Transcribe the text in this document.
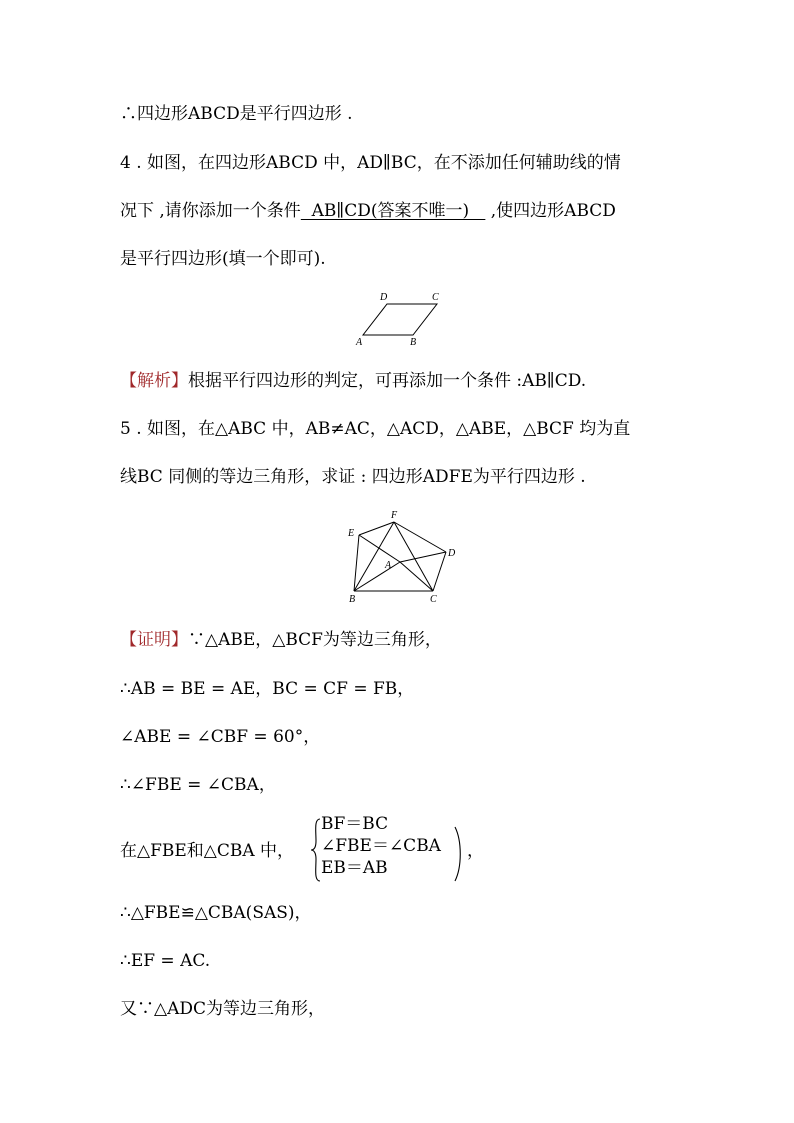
∴四边形ABCD是平行四边形 .
4 . 如图，在四边形ABCD 中，AD∥BC，在不添加任何辅助线的情
况下 ,请你添加一个条件  AB∥CD(答案不唯一)    ,使四边形ABCD
是平行四边形(填一个即可).
A	B
C
D
【解析】根据平行四边形的判定，可再添加一个条件 :AB∥CD.
5 . 如图，在△ABC 中，AB≠AC，△ACD，△ABE，△BCF 均为直
线BC 同侧的等边三角形，求证 : 四边形ADFE为平行四边形 .
E
F
D
A
B	C
【证明】∵△ABE，△BCF为等边三角形，
∴AB = BE = AE，BC = CF = FB，
∠ABE = ∠CBF = 60°，
∴∠FBE = ∠CBA，
在△FBE和△CBA 中，
BF＝BC
∠FBE＝∠CBA
EB＝AB
，
∴△FBE≌△CBA(SAS)，
∴EF = AC.
又∵△ADC为等边三角形，
